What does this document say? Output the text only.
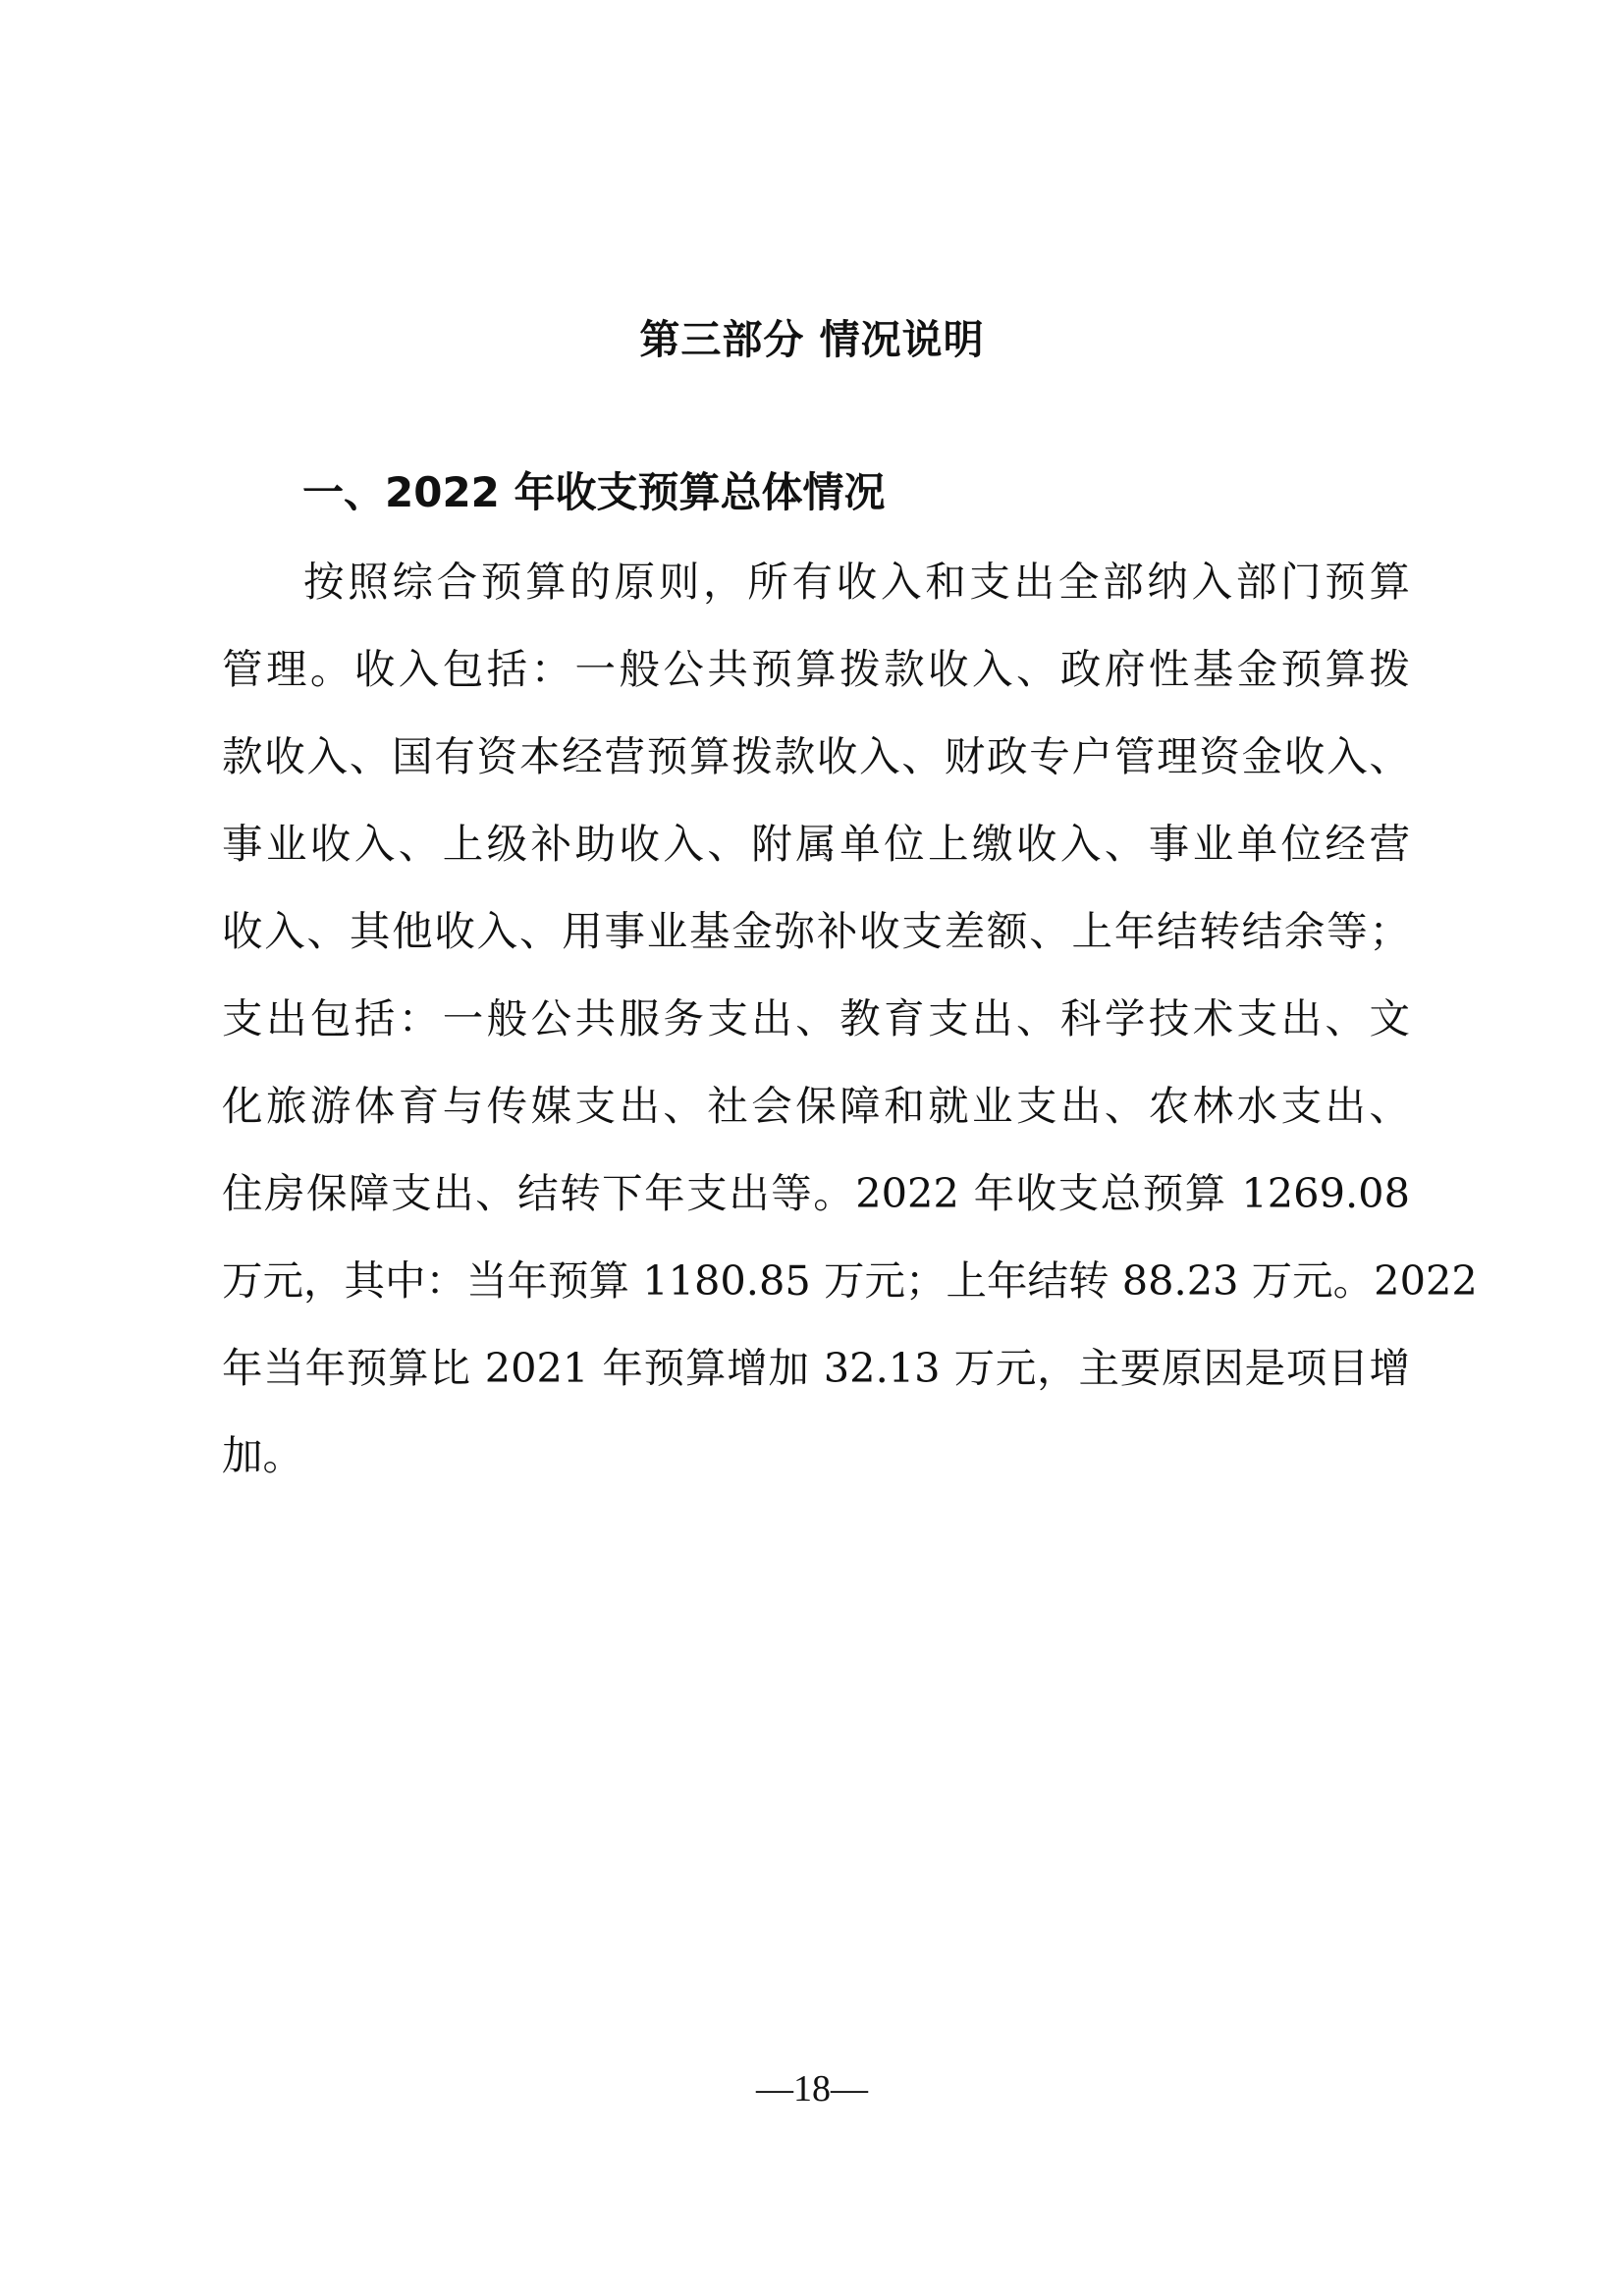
第三部分 情况说明
一、2022 年收支预算总体情况
按照综合预算的原则，所有收入和支出全部纳入部门预算
管理。收入包括：一般公共预算拨款收入、政府性基金预算拨
款收入、国有资本经营预算拨款收入、财政专户管理资金收入、
事业收入、上级补助收入、附属单位上缴收入、事业单位经营
收入、其他收入、用事业基金弥补收支差额、上年结转结余等；
支出包括：一般公共服务支出、教育支出、科学技术支出、文
化旅游体育与传媒支出、社会保障和就业支出、农林水支出、
住房保障支出、结转下年支出等。2022 年收支总预算 1269.08
万元，其中：当年预算 1180.85 万元；上年结转 88.23 万元。2022
年当年预算比 2021 年预算增加 32.13 万元，主要原因是项目增
加。
—18—
